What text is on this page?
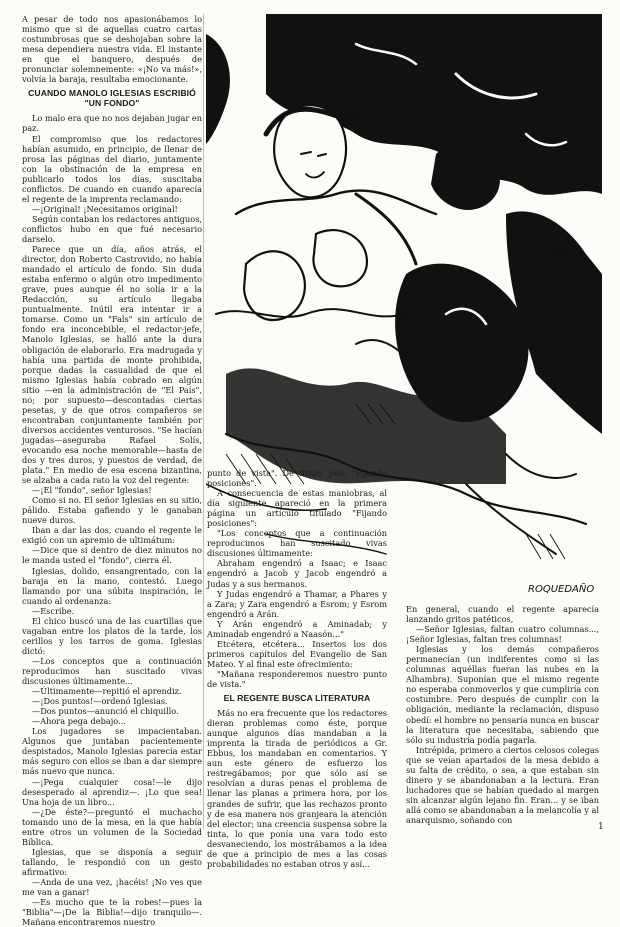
A pesar de todo nos apasionábamos lo mismo que si de aquellas cuatro cartas costumbrosas que se deshojaban sobre la mesa dependiera nuestra vida. El instante en que el banquero, después de pronunciar solemnemente: «¡No va más!», volvía la baraja, resultaba emocionante.

CUANDO MANOLO IGLESIAS ESCRIBIÓ "UN FONDO"

Lo malo era que no nos dejaban jugar en paz.

El compromiso que los redactores habían asumido, en principio, de llenar de prosa las páginas del diario, juntamente con la obstinación de la empresa en publicarlo todos los días, suscitaba conflictos. De cuando en cuando aparecía el regente de la imprenta reclamando:

—¡Original! ¡Necesitamos original!

Según contaban los redactores antiguos, conflictos hubo en que fué necesario darselo.

Parece que un día, años atrás, el director, don Roberto Castrovido, no había mandado el artículo de fondo. Sin duda estaba enfermo o algún otro impedimento grave, pues aunque él no solía ir a la Redacción, su artículo llegaba puntualmente. Inútil era intentar ir a tomarse. Como un "Fals" sin artículo de fondo era inconcebible, el redactor-jefe, Manolo Iglesias, se halló ante la dura obligación de elaborarlo. Era madrugada y había una partida de monte prohibida, porque dadas la casualidad de que el mismo Iglesias había cobrado en algún sitio —en la administración de "El País", no; por supuesto—descontadas ciertas pesetas, y de que otros compañeros se encontraban conjuntamente también por diversos accidentes venturosos. "Se hacían jugadas—aseguraba Rafael Solís, evocando esa noche memorable—hasta de dos y tres duros, y puestos de verdad, de plata." En medio de esa escena bizantina, se alzaba a cada rato la voz del regente:

—¡El "fondo", señor Iglesias!

Como si no. El señor Iglesias en su sitio, pálido. Estaba gafiendo y le ganaban nueve duros.

Iban a dar las dos, cuando el regente le exigió con un apremio de ultimátum:

—Dice que si dentro de diez minutos no le manda usted el "fondo", cierra él.

Iglesias, dolido, ensangrentado, con la baraja en la mano, contestó. Luego llamando por una súbita inspiración, le cuando al ordenanza:

—Escribe.

El chico buscó una de las cuartillas que vagaban entre los platos de la tarde, los cerillos y los tarros de goma. Iglesias dictó:

—Los conceptos que a continuación reproducimos han suscitado vivas discusiones últimamente...

—Últimamente—repitió el aprendiz.

—¡Dos puntos!—ordenó Iglesias.

—Dos puntos—anunció el chiquillo.

—Ahora pega debajo...

Los jugadores se impacientaban. Algunos que juntaban pacientemente despistados, Manolo Iglesias parecía estar más seguro con ellos se iban a dar siempre más nuevo que nunca.

—¡Pega cualquier cosa!—le dijo desesperado al aprendiz—. ¡Lo que sea! Una hoja de un libro...

—¿De éste?—preguntó el muchacho tomando uno de la mesa, en la que había entre otros un volumen de la Sociedad Bíblica.

Iglesias, que se disponía a seguir tallando, le respondió con un gesto afirmativo:

—Anda de una vez, ¡hacéis! ¡No ves que me van a ganar!

—Es mucho que te la robes!—pues la "Biblia"—¡De la Biblia!—dijo tranquilo—. Mañana encontraremos nuestro

ROQUEDAÑO

punto de vista". De título, pon: "Fijando posiciones".

A consecuencia de estas maniobras, al día siguiente apareció en la primera página un artículo titulado "Fijando posiciones":

"Los conceptos que a continuación reproducimos han suscitado vivas discusiones últimamente:

Abraham engendró a Isaac; e Isaac engendró a Jacob y Jacob engendró a Judas y a sus hermanos.

Y Judas engendró a Thamar, a Phares y a Zara; y Zara engendró a Esrom; y Esrom engendró a Arán.

Y Arán engendró a Aminadab; y Aminadab engendró a Naasón..."

Etcétera, etcétera... Insertos los dos primeros capítulos del Evangelio de San Mateo. Y al final este ofrecimiento:

"Mañana responderemos nuestro punto de vista."

EL REGENTE BUSCA LITERATURA

Más no era frecuente que los redactores dieran problemas como éste, porque aunque algunos días mandaban a la imprenta la tirada de periódicos a Gr. Ebbus, los mandaban en comentarios. Y aun este género de esfuerzo los restregábamos; por que sólo así se resolvían a duras penas el problema de llenar las planas a primera hora, por los grandes de sufrir, que las rechazos pronto y de esa manera nos granjeara la atención del elector; una creencia suspensa sobre la tinta, lo que ponía una vara todo esto desvaneciendo, los mostrábamos a la idea de que a principio de mes a las cosas probabilidades no estaban otros y así...

En general, cuando el regente aparecía lanzando gritos patéticos,

—Señor Iglesias, faltan cuatro columnas..., ¡Señor Iglesias, faltan tres columnas!

Iglesias y los demás compañeros permanecían (un indiferentes como si las columnas aquéllas fueran las nubes en la Alhambra). Suponían que el mismo regente no esperaba conmoverlos y que cumpliría con costumbre. Pero después de cumplir con la obligación, mediante la reclamación, dispuso obedí: el hombre no pensaría nunca en buscar la literatura que necesitaba, sabiendo que sólo su industria podía pagarla.

Intrépida, primero a ciertos celosos colegas que se veían apartados de la mesa debido a su falta de crédito, o sea, a que estaban sin dinero y se abandonaban a la lectura. Eran luchadores que se habían quedado al margen sin alcanzar algún lejano fin. Eran... y se iban allá como se abandonaban a la melancolía y al anarquismo, soñando con

1
